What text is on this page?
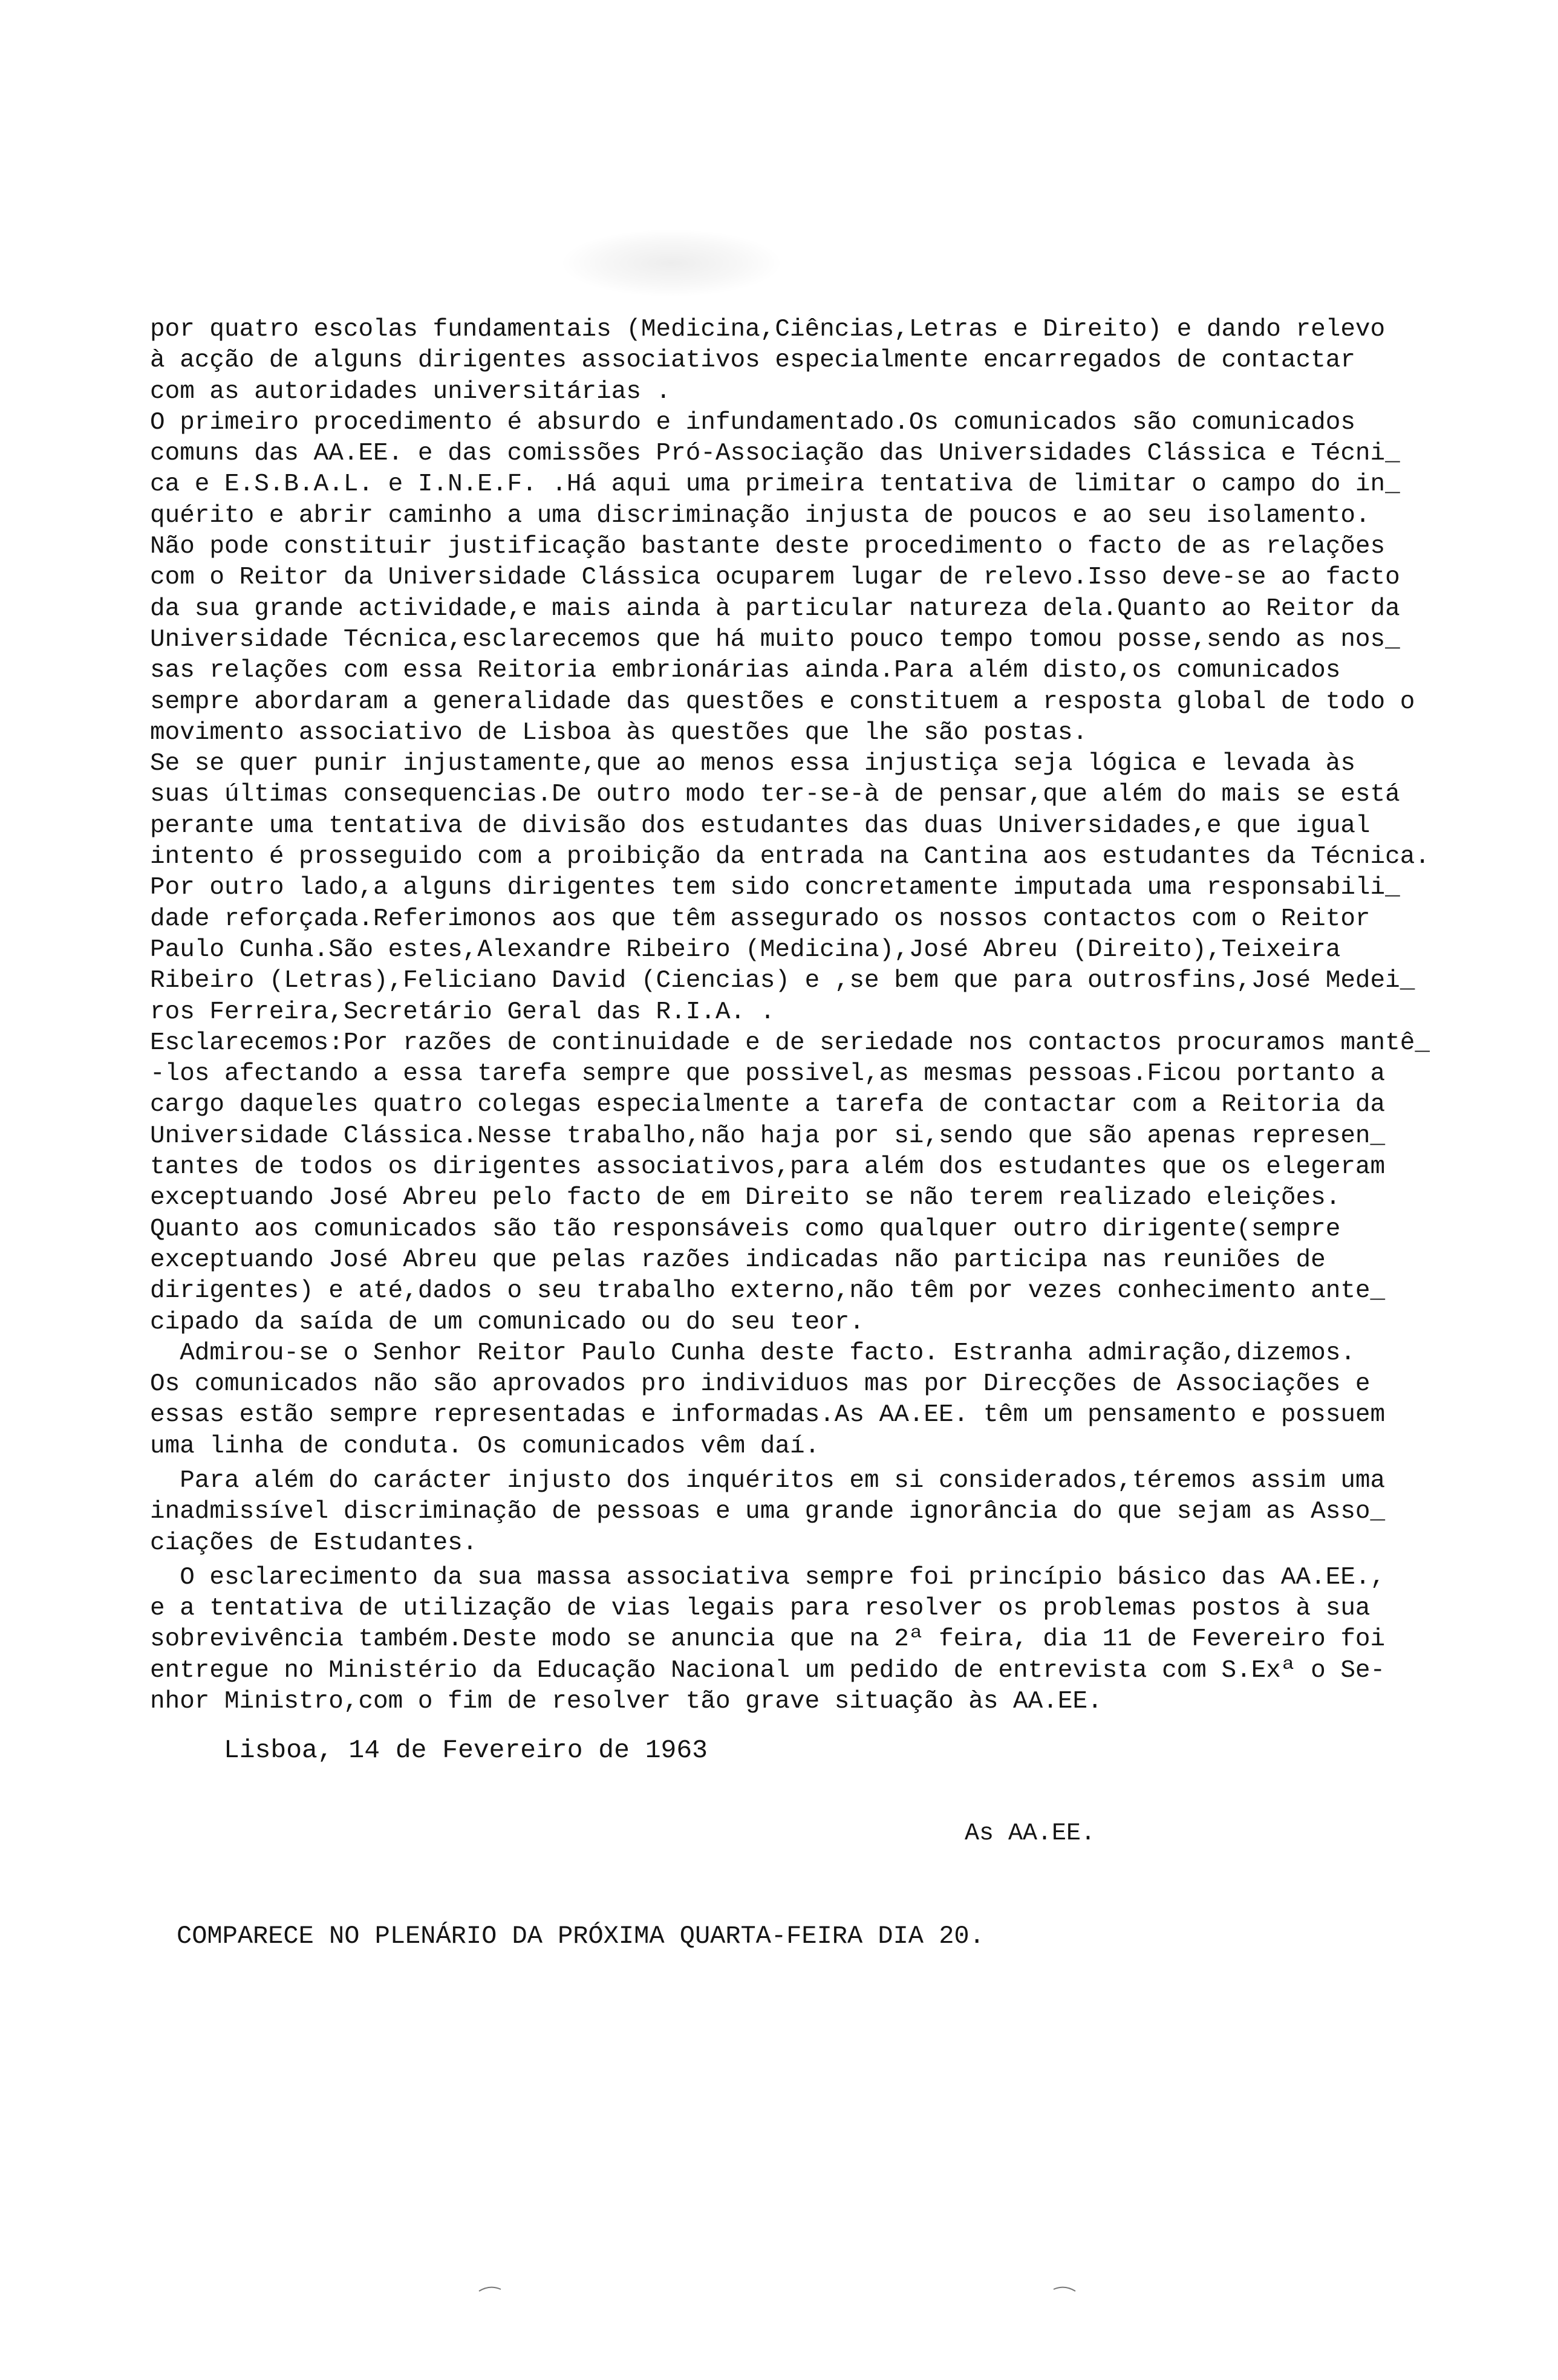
por quatro escolas fundamentais (Medicina,Ciências,Letras e Direito) e dando relevo
à acção de alguns dirigentes associativos especialmente encarregados de contactar
com as autoridades universitárias .
O primeiro procedimento é absurdo e infundamentado.Os comunicados são comunicados
comuns das AA.EE. e das comissões Pró-Associação das Universidades Clássica e Técni_
ca e E.S.B.A.L. e I.N.E.F. .Há aqui uma primeira tentativa de limitar o campo do in_
quérito e abrir caminho a uma discriminação injusta de poucos e ao seu isolamento.
Não pode constituir justificação bastante deste procedimento o facto de as relações
com o Reitor da Universidade Clássica ocuparem lugar de relevo.Isso deve-se ao facto
da sua grande actividade,e mais ainda à particular natureza dela.Quanto ao Reitor da
Universidade Técnica,esclarecemos que há muito pouco tempo tomou posse,sendo as nos_
sas relações com essa Reitoria embrionárias ainda.Para além disto,os comunicados
sempre abordaram a generalidade das questões e constituem a resposta global de todo o
movimento associativo de Lisboa às questões que lhe são postas.
Se se quer punir injustamente,que ao menos essa injustiça seja lógica e levada às
suas últimas consequencias.De outro modo ter-se-à de pensar,que além do mais se está
perante uma tentativa de divisão dos estudantes das duas Universidades,e que igual
intento é prosseguido com a proibição da entrada na Cantina aos estudantes da Técnica.
Por outro lado,a alguns dirigentes tem sido concretamente imputada uma responsabili_
dade reforçada.Referimonos aos que têm assegurado os nossos contactos com o Reitor
Paulo Cunha.São estes,Alexandre Ribeiro (Medicina),José Abreu (Direito),Teixeira
Ribeiro (Letras),Feliciano David (Ciencias) e ,se bem que para outrosfins,José Medei_
ros Ferreira,Secretário Geral das R.I.A. .
Esclarecemos:Por razões de continuidade e de seriedade nos contactos procuramos mantê_
-los afectando a essa tarefa sempre que possivel,as mesmas pessoas.Ficou portanto a
cargo daqueles quatro colegas especialmente a tarefa de contactar com a Reitoria da
Universidade Clássica.Nesse trabalho,não haja por si,sendo que são apenas represen_
tantes de todos os dirigentes associativos,para além dos estudantes que os elegeram
exceptuando José Abreu pelo facto de em Direito se não terem realizado eleições.
Quanto aos comunicados são tão responsáveis como qualquer outro dirigente(sempre
exceptuando José Abreu que pelas razões indicadas não participa nas reuniões de
dirigentes) e até,dados o seu trabalho externo,não têm por vezes conhecimento ante_
cipado da saída de um comunicado ou do seu teor.
Admirou-se o Senhor Reitor Paulo Cunha deste facto. Estranha admiração,dizemos.
Os comunicados não são aprovados pro individuos mas por Direcções de Associações e
essas estão sempre representadas e informadas.As AA.EE. têm um pensamento e possuem
uma linha de conduta. Os comunicados vêm daí.
Para além do carácter injusto dos inquéritos em si considerados,téremos assim uma
inadmissível discriminação de pessoas e uma grande ignorância do que sejam as Asso_
ciações de Estudantes.
O esclarecimento da sua massa associativa sempre foi princípio básico das AA.EE.,
e a tentativa de utilização de vias legais para resolver os problemas postos à sua
sobrevivência também.Deste modo se anuncia que na 2ª feira, dia 11 de Fevereiro foi
entregue no Ministério da Educação Nacional um pedido de entrevista com S.Exª o Se-
nhor Ministro,com o fim de resolver tão grave situação às AA.EE.
Lisboa, 14 de Fevereiro de 1963
As AA.EE.
COMPARECE NO PLENÁRIO DA PRÓXIMA QUARTA-FEIRA DIA 20.
